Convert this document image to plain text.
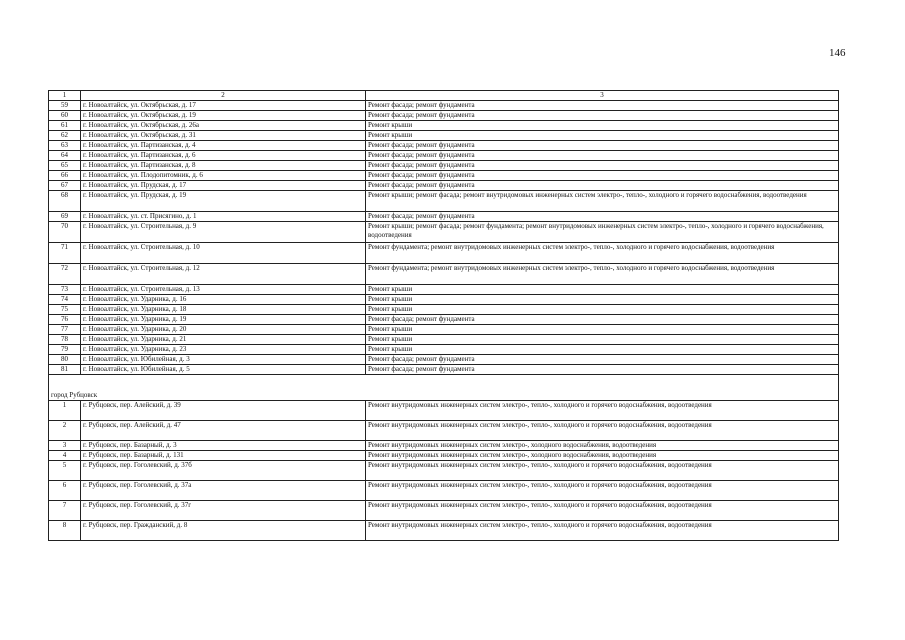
146
1	2	3
59	г. Новоалтайск, ул. Октябрьская, д. 17	Ремонт фасада; ремонт фундамента
60	г. Новоалтайск, ул. Октябрьская, д. 19	Ремонт фасада; ремонт фундамента
61	г. Новоалтайск, ул. Октябрьская, д. 26а	Ремонт крыши
62	г. Новоалтайск, ул. Октябрьская, д. 31	Ремонт крыши
63	г. Новоалтайск, ул. Партизанская, д. 4	Ремонт фасада; ремонт фундамента
64	г. Новоалтайск, ул. Партизанская, д. 6	Ремонт фасада; ремонт фундамента
65	г. Новоалтайск, ул. Партизанская, д. 8	Ремонт фасада; ремонт фундамента
66	г. Новоалтайск, ул. Плодопитомник, д. 6	Ремонт фасада; ремонт фундамента
67	г. Новоалтайск, ул. Прудская, д. 17	Ремонт фасада; ремонт фундамента
68	г. Новоалтайск, ул. Прудская, д. 19	Ремонт крыши; ремонт фасада; ремонт внутридомовых инженерных систем электро-, тепло-, холодного и горячего водоснабжения, водоотведения
69	г. Новоалтайск, ул. ст. Присягино, д. 1	Ремонт фасада; ремонт фундамента
70	г. Новоалтайск, ул. Строительная, д. 9	Ремонт крыши; ремонт фасада; ремонт фундамента; ремонт внутридомовых инженерных систем электро-, тепло-, холодного и горячего водоснабжения, водоотведения
71	г. Новоалтайск, ул. Строительная, д. 10	Ремонт фундамента; ремонт внутридомовых инженерных систем электро-, тепло-, холодного и горячего водоснабжения, водоотведения
72	г. Новоалтайск, ул. Строительная, д. 12	Ремонт фундамента; ремонт внутридомовых инженерных систем электро-, тепло-, холодного и горячего водоснабжения, водоотведения
73	г. Новоалтайск, ул. Строительная, д. 13	Ремонт крыши
74	г. Новоалтайск, ул. Ударника, д. 16	Ремонт крыши
75	г. Новоалтайск, ул. Ударника, д. 18	Ремонт крыши
76	г. Новоалтайск, ул. Ударника, д. 19	Ремонт фасада; ремонт фундамента
77	г. Новоалтайск, ул. Ударника, д. 20	Ремонт крыши
78	г. Новоалтайск, ул. Ударника, д. 21	Ремонт крыши
79	г. Новоалтайск, ул. Ударника, д. 23	Ремонт крыши
80	г. Новоалтайск, ул. Юбилейная, д. 3	Ремонт фасада; ремонт фундамента
81	г. Новоалтайск, ул. Юбилейная, д. 5	Ремонт фасада; ремонт фундамента
город Рубцовск		
1	г. Рубцовск, пер. Алейский, д. 39	Ремонт внутридомовых инженерных систем электро-, тепло-, холодного и горячего водоснабжения, водоотведения
2	г. Рубцовск, пер. Алейский, д. 47	Ремонт внутридомовых инженерных систем электро-, тепло-, холодного и горячего водоснабжения, водоотведения
3	г. Рубцовск, пер. Базарный, д. 3	Ремонт внутридомовых инженерных систем электро-, холодного водоснабжения, водоотведения
4	г. Рубцовск, пер. Базарный, д. 131	Ремонт внутридомовых инженерных систем электро-, холодного водоснабжения, водоотведения
5	г. Рубцовск, пер. Гоголевский, д. 37б	Ремонт внутридомовых инженерных систем электро-, тепло-, холодного и горячего водоснабжения, водоотведения
6	г. Рубцовск, пер. Гоголевский, д. 37а	Ремонт внутридомовых инженерных систем электро-, тепло-, холодного и горячего водоснабжения, водоотведения
7	г. Рубцовск, пер. Гоголевский, д. 37г	Ремонт внутридомовых инженерных систем электро-, тепло-, холодного и горячего водоснабжения, водоотведения
8	г. Рубцовск, пер. Гражданский, д. 8	Ремонт внутридомовых инженерных систем электро-, тепло-, холодного и горячего водоснабжения, водоотведения
